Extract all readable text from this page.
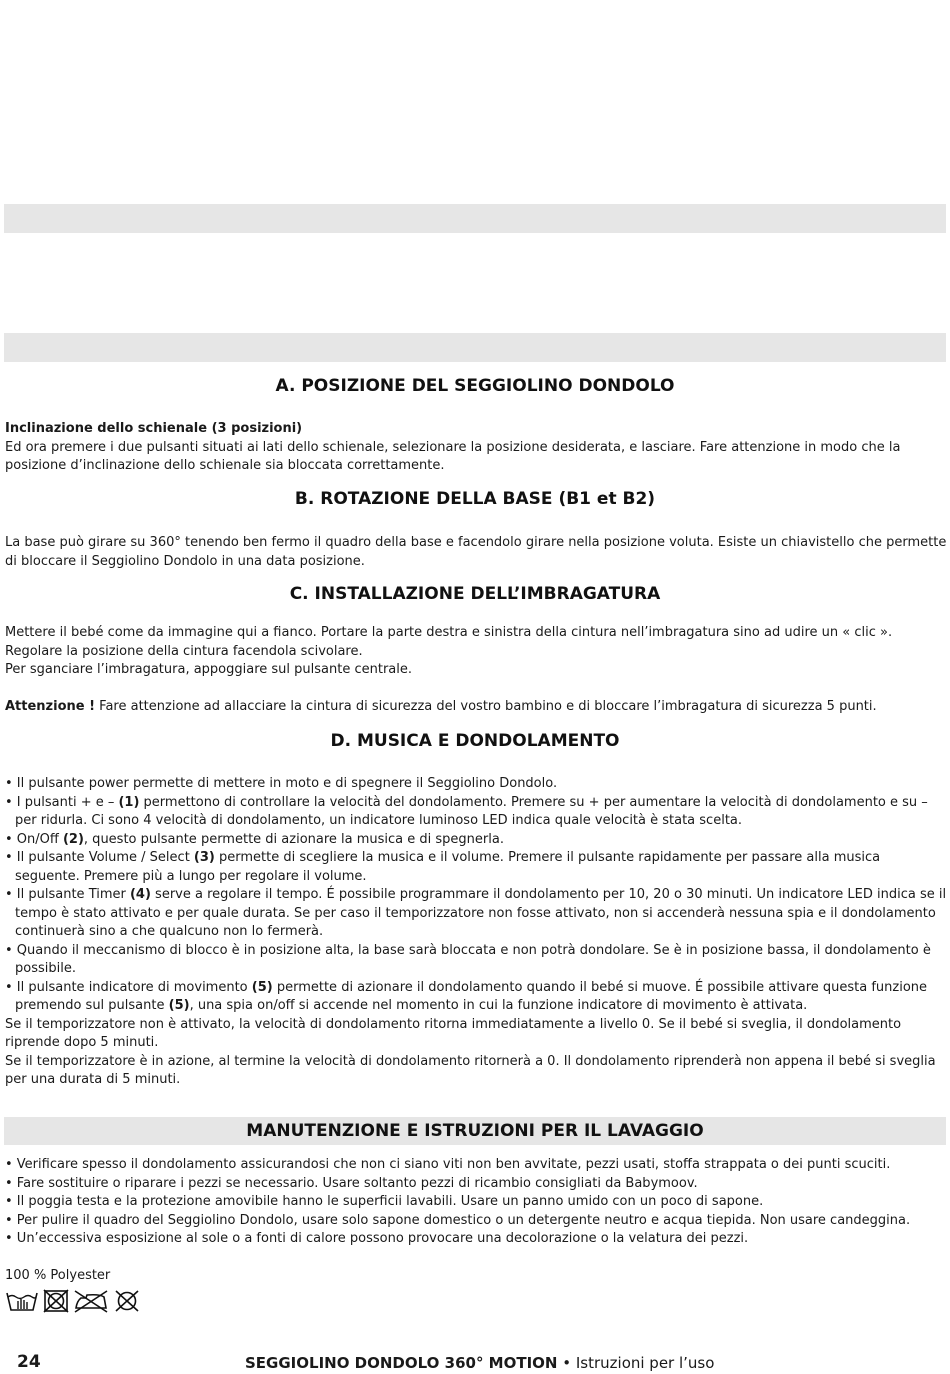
A. POSIZIONE DEL SEGGIOLINO DONDOLO

Inclinazione dello schienale (3 posizioni)

Ed ora premere i due pulsanti situati ai lati dello schienale, selezionare la posizione desiderata, e lasciare. Fare attenzione in modo che la posizione d’inclinazione dello schienale sia bloccata correttamente.

B. ROTAZIONE DELLA BASE (B1 et B2)

La base può girare su 360° tenendo ben fermo il quadro della base e facendolo girare nella posizione voluta. Esiste un chiavistello che permette di bloccare il Seggiolino Dondolo in una data posizione.

C. INSTALLAZIONE DELL’IMBRAGATURA

Mettere il bebé come da immagine qui a fianco. Portare la parte destra e sinistra della cintura nell’imbragatura sino ad udire un « clic ». Regolare la posizione della cintura facendola scivolare.

Per sganciare l’imbragatura, appoggiare sul pulsante centrale.

Attenzione ! Fare attenzione ad allacciare la cintura di sicurezza del vostro bambino e di bloccare l’imbragatura di sicurezza 5 punti.

D. MUSICA E DONDOLAMENTO

• Il pulsante power permette di mettere in moto e di spegnere il Seggiolino Dondolo.

• I pulsanti + e – (1) permettono di controllare la velocità del dondolamento. Premere su + per aumentare la velocità di dondolamento e su – per ridurla. Ci sono 4 velocità di dondolamento, un indicatore luminoso LED indica quale velocità è stata scelta.

• On/Off (2), questo pulsante permette di azionare la musica e di spegnerla.

• Il pulsante Volume / Select (3) permette di scegliere la musica e il volume. Premere il pulsante rapidamente per passare alla musica seguente. Premere più a lungo per regolare il volume.

• Il pulsante Timer (4) serve a regolare il tempo. É possibile programmare il dondolamento per 10, 20 o 30 minuti. Un indicatore LED indica se il tempo è stato attivato e per quale durata. Se per caso il temporizzatore non fosse attivato, non si accenderà nessuna spia e il dondolamento continuerà sino a che qualcuno non lo fermerà.

• Quando il meccanismo di blocco è in posizione alta, la base sarà bloccata e non potrà dondolare. Se è in posizione bassa, il dondolamento è possibile.

• Il pulsante indicatore di movimento (5) permette di azionare il dondolamento quando il bebé si muove. É possibile attivare questa funzione premendo sul pulsante (5), una spia on/off si accende nel momento in cui la funzione indicatore di movimento è attivata.

Se il temporizzatore non è attivato, la velocità di dondolamento ritorna immediatamente a livello 0. Se il bebé si sveglia, il dondolamento riprende dopo 5 minuti.

Se il temporizzatore è in azione, al termine la velocità di dondolamento ritornerà a 0. Il dondolamento riprenderà non appena il bebé si sveglia per una durata di 5 minuti.

MANUTENZIONE E ISTRUZIONI PER IL LAVAGGIO

• Verificare spesso il dondolamento assicurandosi che non ci siano viti non ben avvitate, pezzi usati, stoffa strappata o dei punti scuciti.

• Fare sostituire o riparare i pezzi se necessario. Usare soltanto pezzi di ricambio consigliati da Babymoov.

• Il poggia testa e la protezione amovibile hanno le superficii lavabili. Usare un panno umido con un poco di sapone.

• Per pulire il quadro del Seggiolino Dondolo, usare solo sapone domestico o un detergente neutro e acqua tiepida. Non usare candeggina.

• Un’eccessiva esposizione al sole o a fonti di calore possono provocare una decolorazione o la velatura dei pezzi.

100 % Polyester
24	SEGGIOLINO DONDOLO 360° MOTION • Istruzioni per l’uso
